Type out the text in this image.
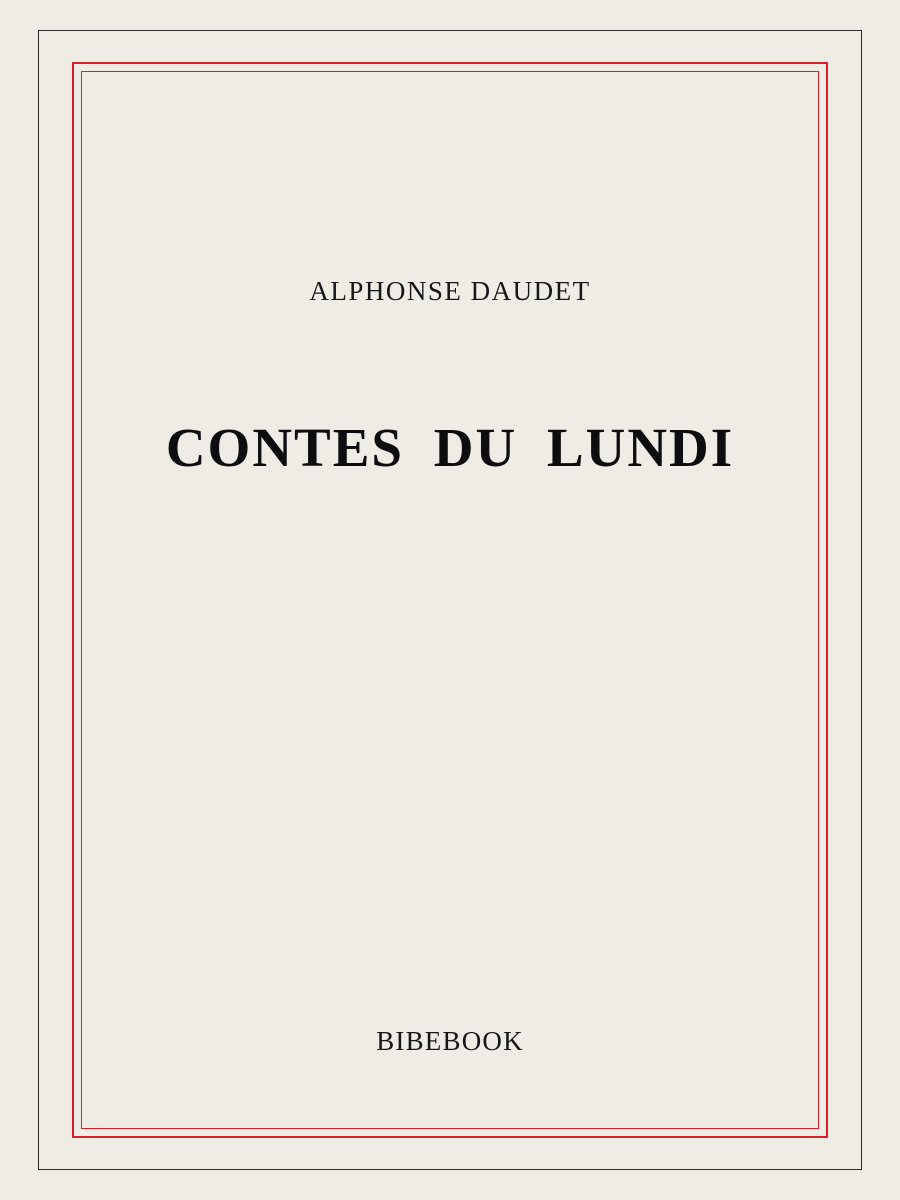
ALPHONSE DAUDET
CONTES DU LUNDI
BIBEBOOK
